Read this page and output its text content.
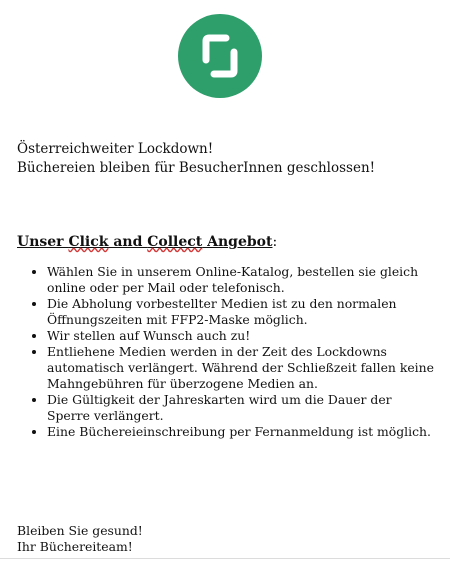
Österreichweiter Lockdown!
Büchereien bleiben für BesucherInnen geschlossen!
Unser Click and Collect Angebot:
• Wählen Sie in unserem Online-Katalog, bestellen sie gleich online oder per Mail oder telefonisch.
• Die Abholung vorbestellter Medien ist zu den normalen Öffnungszeiten mit FFP2-Maske möglich.
• Wir stellen auf Wunsch auch zu!
• Entliehene Medien werden in der Zeit des Lockdowns automatisch verlängert. Während der Schließzeit fallen keine Mahngebühren für überzogene Medien an.
• Die Gültigkeit der Jahreskarten wird um die Dauer der Sperre verlängert.
• Eine Büchereieinschreibung per Fernanmeldung ist möglich.
Bleiben Sie gesund!
Ihr Büchereiteam!
